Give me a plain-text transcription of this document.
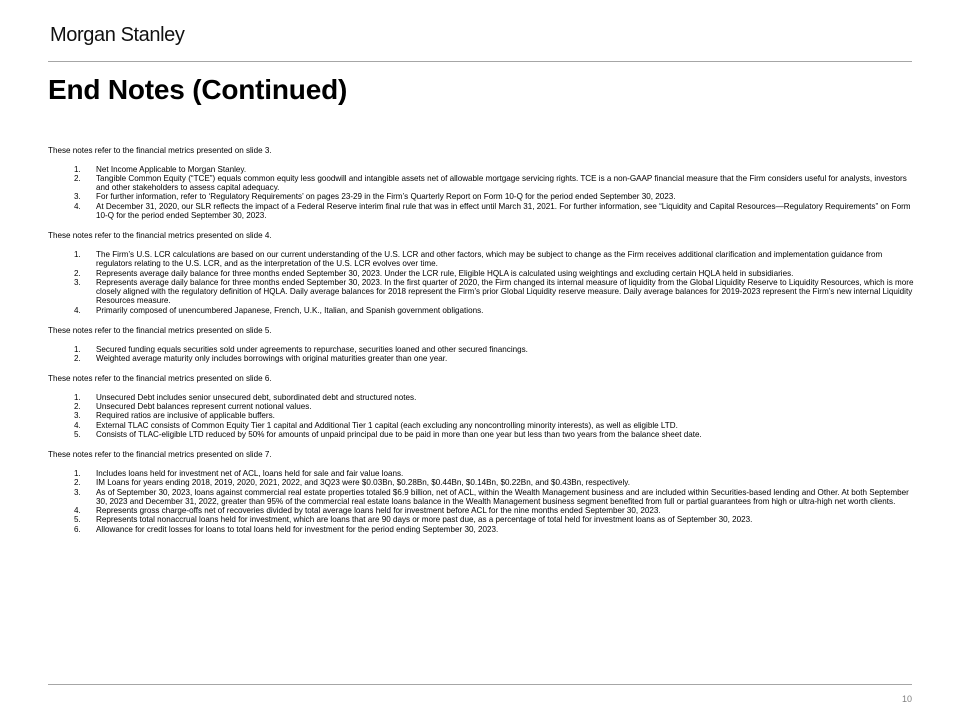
Morgan Stanley
End Notes (Continued)

These notes refer to the financial metrics presented on slide 3.

1.	Net Income Applicable to Morgan Stanley.
2.	Tangible Common Equity (“TCE”) equals common equity less goodwill and intangible assets net of allowable mortgage servicing rights. TCE is a non-GAAP financial measure that the Firm considers useful for analysts, investors and other stakeholders to assess capital adequacy.
3.	For further information, refer to ‘Regulatory Requirements’ on pages 23-29 in the Firm’s Quarterly Report on Form 10-Q for the period ended September 30, 2023.
4.	At December 31, 2020, our SLR reflects the impact of a Federal Reserve interim final rule that was in effect until March 31, 2021. For further information, see “Liquidity and Capital Resources—Regulatory Requirements” on Form 10-Q for the period ended September 30, 2023.

These notes refer to the financial metrics presented on slide 4.

1.	The Firm’s U.S. LCR calculations are based on our current understanding of the U.S. LCR and other factors, which may be subject to change as the Firm receives additional clarification and implementation guidance from regulators relating to the U.S. LCR, and as the interpretation of the U.S. LCR evolves over time.
2.	Represents average daily balance for three months ended September 30, 2023. Under the LCR rule, Eligible HQLA is calculated using weightings and excluding certain HQLA held in subsidiaries.
3.	Represents average daily balance for three months ended September 30, 2023. In the first quarter of 2020, the Firm changed its internal measure of liquidity from the Global Liquidity Reserve to Liquidity Resources, which is more closely aligned with the regulatory definition of HQLA. Daily average balances for 2018 represent the Firm’s prior Global Liquidity reserve measure. Daily average balances for 2019-2023 represent the Firm’s new internal Liquidity Resources measure.
4.	Primarily composed of unencumbered Japanese, French, U.K., Italian, and Spanish government obligations.

These notes refer to the financial metrics presented on slide 5.

1.	Secured funding equals securities sold under agreements to repurchase, securities loaned and other secured financings.
2.	Weighted average maturity only includes borrowings with original maturities greater than one year.

These notes refer to the financial metrics presented on slide 6.

1.	Unsecured Debt includes senior unsecured debt, subordinated debt and structured notes.
2.	Unsecured Debt balances represent current notional values.
3.	Required ratios are inclusive of applicable buffers.
4.	External TLAC consists of Common Equity Tier 1 capital and Additional Tier 1 capital (each excluding any noncontrolling minority interests), as well as eligible LTD.
5.	Consists of TLAC-eligible LTD reduced by 50% for amounts of unpaid principal due to be paid in more than one year but less than two years from the balance sheet date.

These notes refer to the financial metrics presented on slide 7.

1.	Includes loans held for investment net of ACL, loans held for sale and fair value loans.
2.	IM Loans for years ending 2018, 2019, 2020, 2021, 2022, and 3Q23 were $0.03Bn, $0.28Bn, $0.44Bn, $0.14Bn, $0.22Bn, and $0.43Bn, respectively.
3.	As of September 30, 2023, loans against commercial real estate properties totaled $6.9 billion, net of ACL, within the Wealth Management business and are included within Securities-based lending and Other. At both September 30, 2023 and December 31, 2022, greater than 95% of the commercial real estate loans balance in the Wealth Management business segment benefited from full or partial guarantees from high or ultra-high net worth clients.
4.	Represents gross charge-offs net of recoveries divided by total average loans held for investment before ACL for the nine months ended September 30, 2023.
5.	Represents total nonaccrual loans held for investment, which are loans that are 90 days or more past due, as a percentage of total held for investment loans as of September 30, 2023.
6.	Allowance for credit losses for loans to total loans held for investment for the period ending September 30, 2023.
10
